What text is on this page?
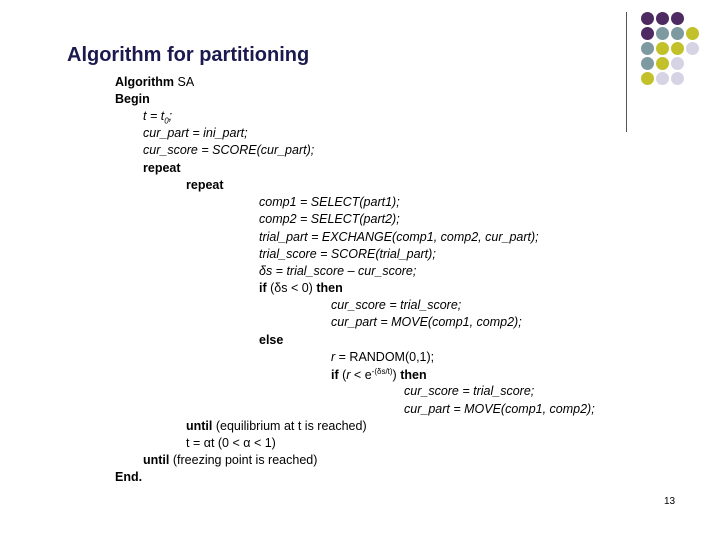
Algorithm for partitioning
Algorithm SA
Begin
$t = t_0$;
cur_part = ini_part;
cur_score = SCORE(cur_part);
repeat
repeat
comp1 = SELECT(part1);
comp2 = SELECT(part2);
trial_part = EXCHANGE(comp1, comp2, cur_part);
trial_score = SCORE(trial_part);
δs = trial_score – cur_score;
if (δs < 0) then
cur_score = trial_score;
cur_part = MOVE(comp1, comp2);
else
r = RANDOM(0,1);
if $(r < e^{-(\delta s/t)})$ then
cur_score = trial_score;
cur_part = MOVE(comp1, comp2);
until (equilibrium at t is reached)
t = αt (0 < α < 1)
until (freezing point is reached)
End.
13
